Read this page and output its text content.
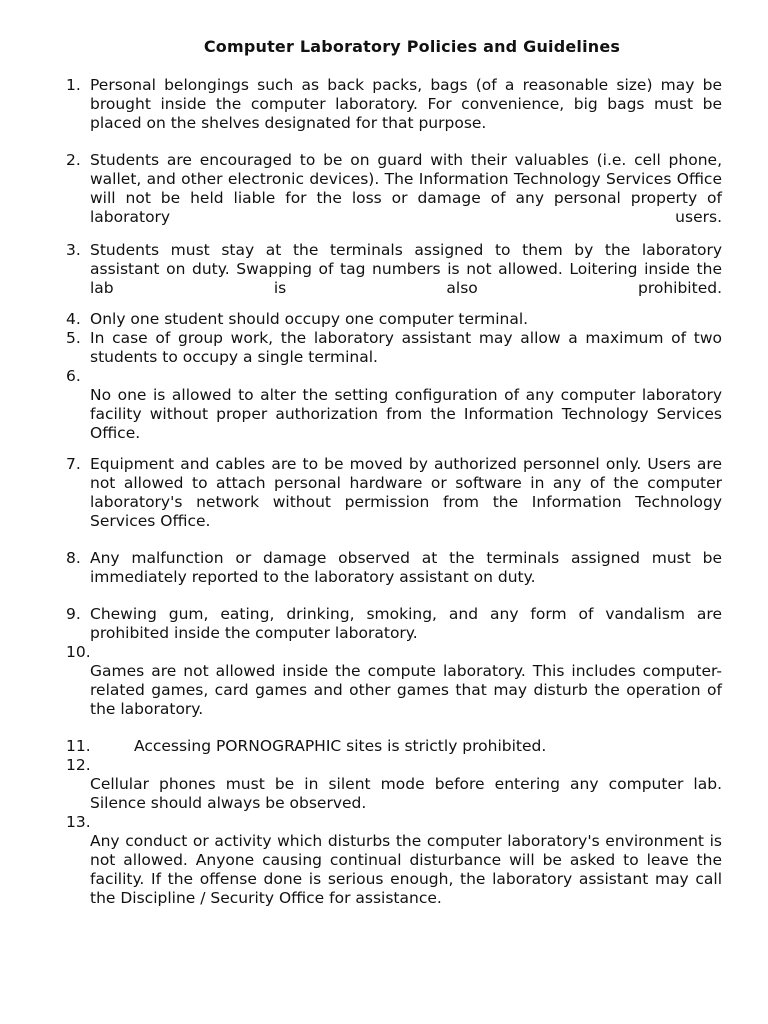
Computer Laboratory Policies and Guidelines
1. Personal belongings such as back packs, bags (of a reasonable size) may be brought inside the computer laboratory. For convenience, big bags must be placed on the shelves designated for that purpose.
2. Students are encouraged to be on guard with their valuables (i.e. cell phone, wallet, and other electronic devices). The Information Technology Services Office will not be held liable for the loss or damage of any personal property of laboratory users.
3. Students must stay at the terminals assigned to them by the laboratory assistant on duty. Swapping of tag numbers is not allowed. Loitering inside the lab is also prohibited.
4. Only one student should occupy one computer terminal.
5. In case of group work, the laboratory assistant may allow a maximum of two students to occupy a single terminal.
6.
No one is allowed to alter the setting configuration of any computer laboratory facility without proper authorization from the Information Technology Services Office.
7. Equipment and cables are to be moved by authorized personnel only. Users are not allowed to attach personal hardware or software in any of the computer laboratory's network without permission from the Information Technology Services Office.
8. Any malfunction or damage observed at the terminals assigned must be immediately reported to the laboratory assistant on duty.
9. Chewing gum, eating, drinking, smoking, and any form of vandalism are prohibited inside the computer laboratory.
10.
Games are not allowed inside the compute laboratory. This includes computer-related games, card games and other games that may disturb the operation of the laboratory.
11.	Accessing PORNOGRAPHIC sites is strictly prohibited.
12.
Cellular phones must be in silent mode before entering any computer lab. Silence should always be observed.
13.
Any conduct or activity which disturbs the computer laboratory's environment is not allowed. Anyone causing continual disturbance will be asked to leave the facility. If the offense done is serious enough, the laboratory assistant may call the Discipline / Security Office for assistance.
